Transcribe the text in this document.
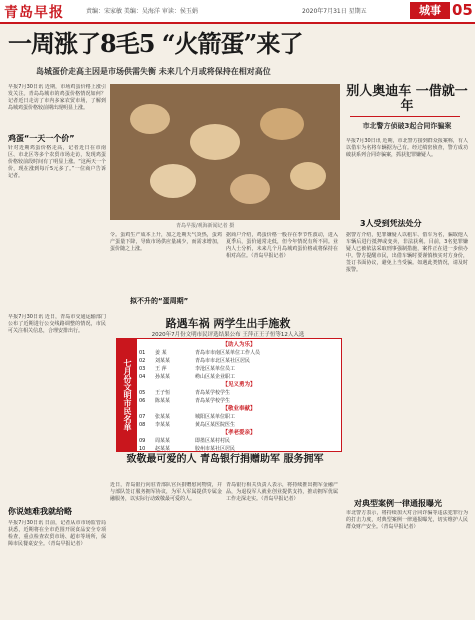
青岛早报	责编：宋家敏 美编：吴海洋 审读：侯玉娟	2020年7月31日 星期五	城事 05
一周涨了8毛5 “火箭蛋”来了
岛城蛋价走高主因是市场供需失衡 未来几个月或将保持在相对高位
早报7月30日讯 近期，市场鸡蛋价格上涨引发关注。青岛岛城市的鸡蛋价格情况如何？记者近日走访了市内多家农贸市场，了解到岛城鸡蛋价格较前期出现明显上涨。
鸡蛋“一天一个价”
针对近期鸡蛋价格走高，记者近日在市南区、市北区等多个农贸市场走访，发现鸡蛋价格较前段时间有了明显上涨。“这两天一个价，现在涨到每斤5元多了。”一位商户告诉记者。
青岛早报/观海新闻记者 摄
令。蛋鸡生产成本上升，加之近期天气炎热，蛋鸡产蛋量下降，导致市场供应量减少，而需求增加，蛋价随之上涨。
据商户介绍，鸡蛋价格一般存在季节性波动，进入夏季后，蛋价通常走低，但今年情况有所不同。业内人士分析，未来几个月岛城鸡蛋价格或将保持在相对高位。（青岛早报记者）
拟不升的“蛋周期”
早报7月30日讯 近日，青岛市交通运输部门公布了近期进行公交线路调整的情况，市民可关注相关信息，合理安排出行。
你说她难我就给略
早报7月30日讯 日前，记者从市市场监管局获悉，近期将在全市范围开展食品安全专项检查，重点检查农贸市场、超市等场所，保障市民餐桌安全。（青岛早报记者）
路遇车祸 两学生出手施救
2020年7月份文明市民评选结果公布 王萍正王子恒等12人入选
七月份文明市民名单
【助人为乐】
01 姜 某	青岛市市南区某单位工作人员
02 刘某某	青岛市市北区某社区居民
03 王 萍	李沧区某单位员工
04 孙某某	崂山区某企业职工
【见义勇为】
05 王子恒	青岛某学校学生
06 陈某某	青岛某学校学生
【敬业奉献】
07 张某某	城阳区某单位职工
08 李某某	黄岛区某医院医生
【孝老爱亲】
09 周某某	即墨区某村村民
10 赵某某	胶州市某社区居民
致敬最可爱的人 青岛银行捐赠助军 服务拥军
近日，青岛银行向驻青部队官兵捐赠慰问物资，并与部队签订服务拥军协议，为军人军属提供专属金融服务，以实际行动致敬最可爱的人。
青岛银行相关负责人表示，将持续推出拥军金融产品，为退役军人就业创业提供支持，推动拥军优属工作走深走实。（青岛早报记者）
别人奥迪车 一借就一年
市北警方侦破3起合同诈骗案
早报7月30日讯 近期，市北警方接到群众报案称，有人以借车为名将车辆据为己有。经过缜密侦查，警方成功破获系列合同诈骗案，抓获犯罪嫌疑人。
3人受到凭法处分
据警方介绍，犯罪嫌疑人以租车、借车为名，骗取他人车辆后进行抵押或变卖，非法获利。目前，3名犯罪嫌疑人已被依法采取刑事强制措施，案件正在进一步侦办中。警方提醒市民，出借车辆时要谨慎核实对方身份，签订书面协议，避免上当受骗。如遇此类情况，请及时报警。
对典型案例一律通报曝光
市北警方表示，将持续加大对合同诈骗等违法犯罪行为的打击力度，对典型案例一律通报曝光，切实维护人民群众财产安全。（青岛早报记者）
